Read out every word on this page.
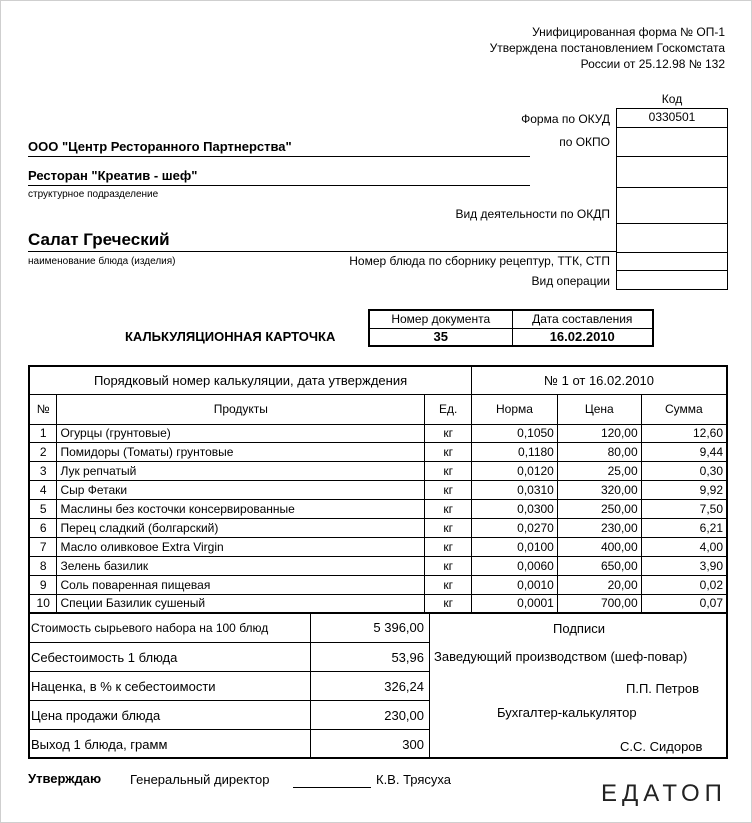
Унифицированная форма № ОП-1
Утверждена постановлением Госкомстата
России от 25.12.98 № 132
Код
0330501
Форма по ОКУД
по ОКПО
Вид деятельности по ОКДП
Номер блюда по сборнику рецептур, ТТК, СТП
Вид операции
ООО "Центр Ресторанного Партнерства"
Ресторан "Креатив - шеф"
структурное подразделение
Салат Греческий
наименование блюда (изделия)
КАЛЬКУЛЯЦИОННАЯ КАРТОЧКА
Номер документа	Дата составления
35	16.02.2010
Порядковый номер калькуляции, дата утверждения			№ 1 от 16.02.2010		
№	Продукты	Ед.	Норма	Цена	Сумма
1	Огурцы (грунтовые)	кг	0,1050	120,00	12,60
2	Помидоры (Томаты) грунтовые	кг	0,1180	80,00	9,44
3	Лук репчатый	кг	0,0120	25,00	0,30
4	Сыр Фетаки	кг	0,0310	320,00	9,92
5	Маслины без косточки консервированные	кг	0,0300	250,00	7,50
6	Перец сладкий (болгарский)	кг	0,0270	230,00	6,21
7	Масло оливковое Extra Virgin	кг	0,0100	400,00	4,00
8	Зелень базилик	кг	0,0060	650,00	3,90
9	Соль поваренная пищевая	кг	0,0010	20,00	0,02
10	Специи Базилик сушеный	кг	0,0001	700,00	0,07
Стоимость сырьевого набора на 100 блюд	5 396,00
Себестоимость 1 блюда	53,96
Наценка, в % к себестоимости	326,24
Цена продажи блюда	230,00
Выход 1 блюда, грамм	300
Подписи
Заведующий производством (шеф-повар)
П.П. Петров
Бухгалтер-калькулятор
С.С. Сидоров
Утверждаю Генеральный директор	К.В. Трясуха
ЕДАТОП
